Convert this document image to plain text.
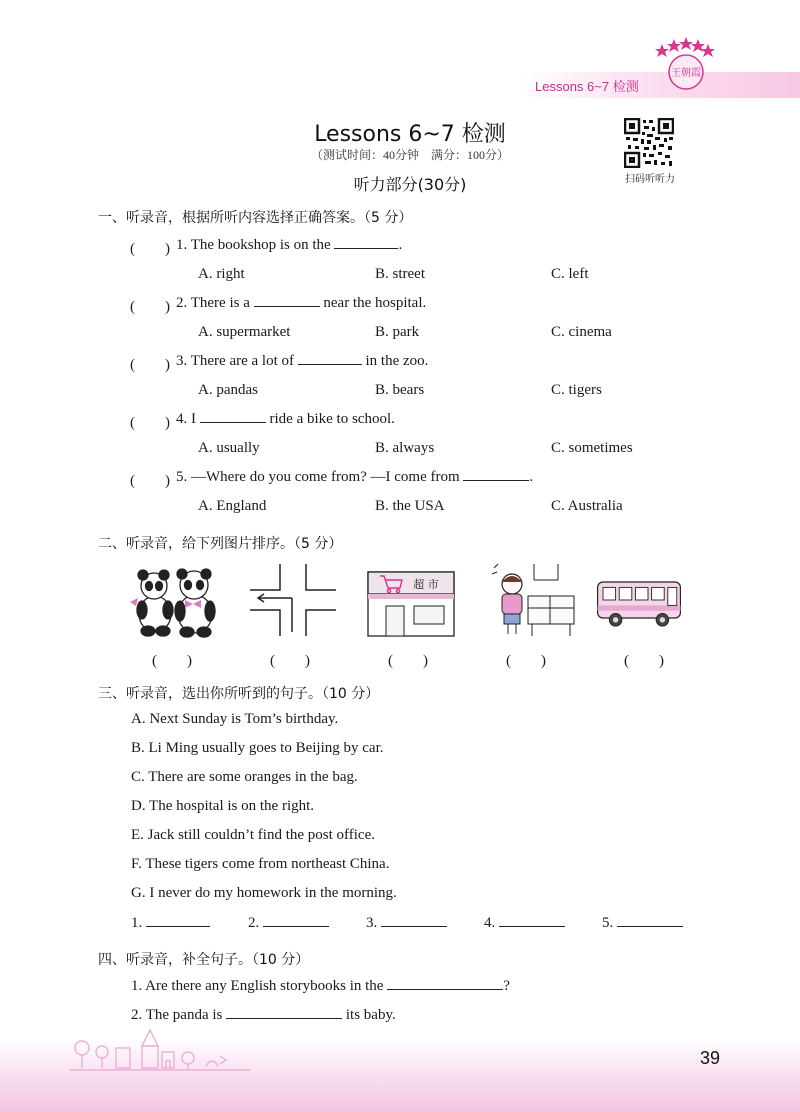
Lessons 6~7 检测
王朝霞
Lessons 6~7 检测
（测试时间：40分钟　满分：100分）
听力部分(30分)	扫码听听力
一、听录音，根据所听内容选择正确答案。（5 分）
(　　) 1. The bookshop is on the	.
A. right	B. street	C. left
(　　) 2. There is a	near the hospital.
A. supermarket	B. park	C. cinema
(　　) 3. There are a lot of	in the zoo.
A. pandas	B. bears	C. tigers
(　　) 4. I	ride a bike to school.
A. usually	B. always	C. sometimes
(　　) 5. —Where do you come from? —I come from	.
A. England	B. the USA	C. Australia
二、听录音，给下列图片排序。（5 分）
(　　)	(　　)
超 市
(　　)	(　　)	(　　)
三、听录音，选出你所听到的句子。（10 分）
A. Next Sunday is Tom’s birthday.
B. Li Ming usually goes to Beijing by car.
C. There are some oranges in the bag.
D. The hospital is on the right.
E. Jack still couldn’t find the post office.
F. These tigers come from northeast China.
G. I never do my homework in the morning.
1.	2.	3.	4.	5.
四、听录音，补全句子。（10 分）
1. Are there any English storybooks in the	?
2. The panda is	its baby.
39
